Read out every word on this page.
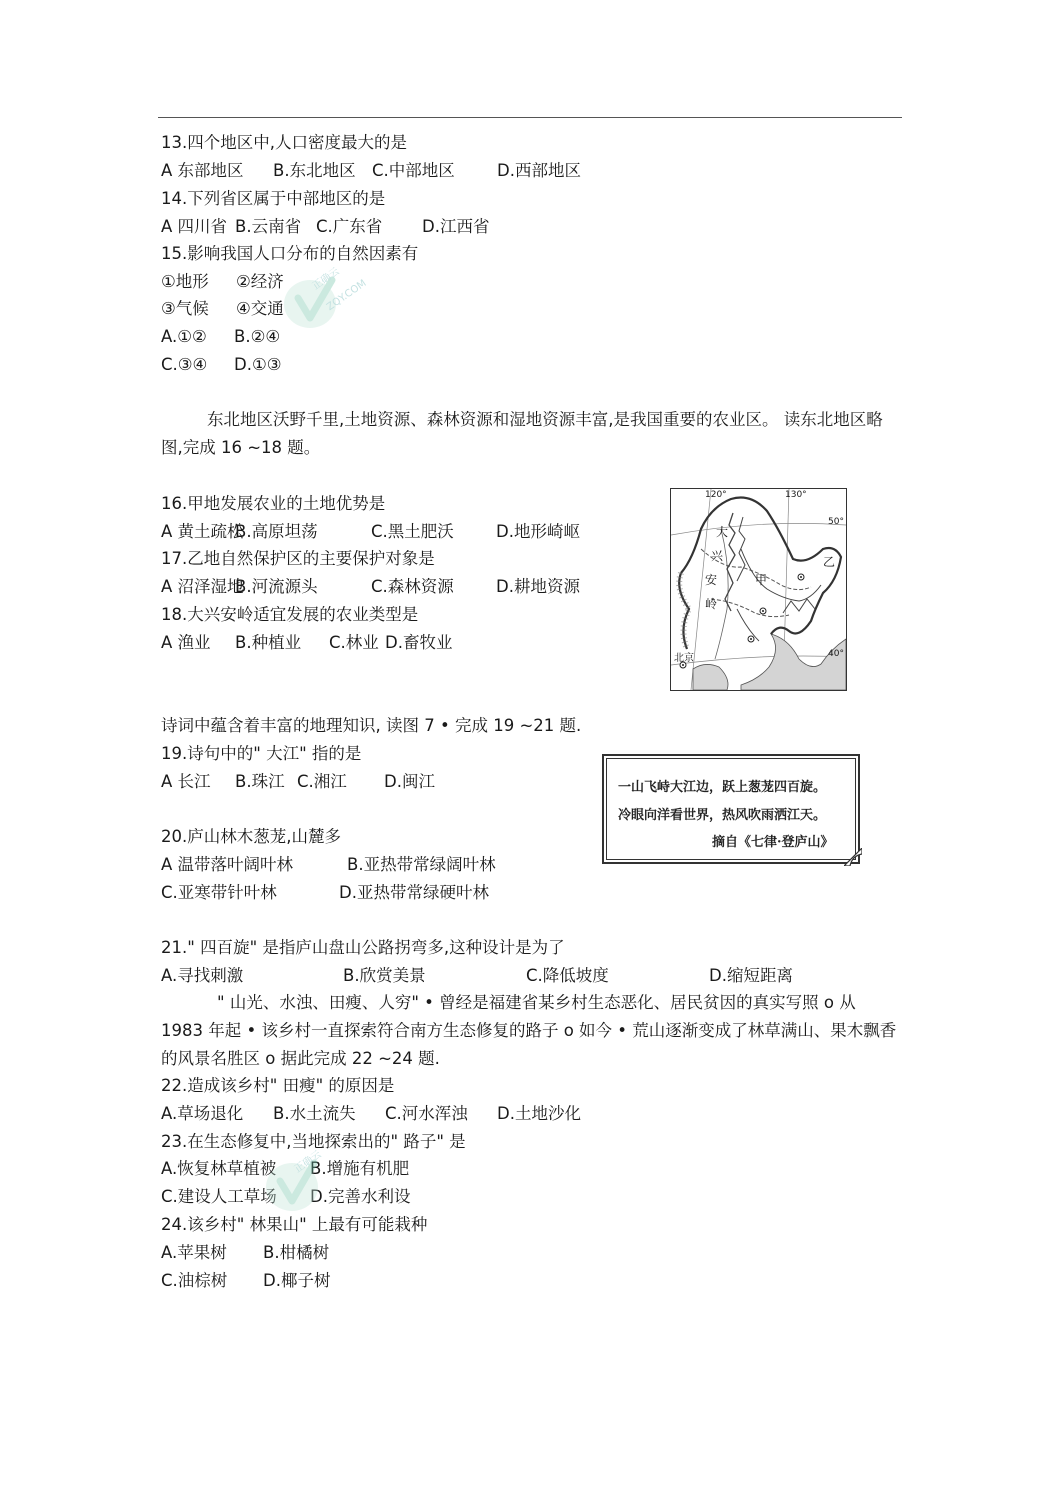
13.四个地区中,人口密度最大的是
A 东部地区 B.东北地区 C.中部地区	D.西部地区
14.下列省区属于中部地区的是
A 四川省 B.云南省 C.广东省 D.江西省
15.影响我国人口分布的自然因素有
①地形 ②经济
③气候 ④交通
A.①② B.②④
C.③④ D.①③
东北地区沃野千里,土地资源、森林资源和湿地资源丰富,是我国重要的农业区。 读东北地区略图,完成 16 ~18 题。
16.甲地发展农业的土地优势是
A 黄土疏松B.高原坦荡	C.黑土肥沃	D.地形崎岖
17.乙地自然保护区的主要保护对象是
A 沼泽湿地B.河流源头	C.森林资源	D.耕地资源
18.大兴安岭适宜发展的农业类型是
A 渔业 B.种植业 C.林业 D.畜牧业
120°	130°
50°
40°
大
兴
安
岭
甲
乙
北京
诗词中蕴含着丰富的地理知识, 读图 7 • 完成 19 ~21 题.
19.诗句中的" 大江" 指的是
A 长江 B.珠江 C.湘江 D.闽江	一山飞峙大江边，跃上葱茏四百旋。
冷眼向洋看世界，热风吹雨洒江天。
摘自《七律·登庐山》
20.庐山林木葱茏,山麓多
A 温带落叶阔叶林	B.亚热带常绿阔叶林
C.亚寒带针叶林	D.亚热带常绿硬叶林
21." 四百旋" 是指庐山盘山公路拐弯多,这种设计是为了
A.寻找刺激	B.欣赏美景	C.降低坡度	D.缩短距离
" 山光、水浊、田瘦、人穷" • 曾经是福建省某乡村生态恶化、居民贫因的真实写照 o 从 1983 年起 • 该乡村一直探索符合南方生态修复的路子 o 如今 • 荒山逐渐变成了林草满山、果木飘香的风景名胜区 o 据此完成 22 ~24 题.
22.造成该乡村" 田瘦" 的原因是
A.草场退化 B.水土流失 C.河水浑浊 D.土地沙化
23.在生态修复中,当地探索出的" 路子" 是
A.恢复林草植被 B.增施有机肥
C.建设人工草场 D.完善水利设
24.该乡村" 林果山" 上最有可能栽种
A.苹果树 B.柑橘树
C.油棕树 D.椰子树
ZQY.COM
正确云
正确云
